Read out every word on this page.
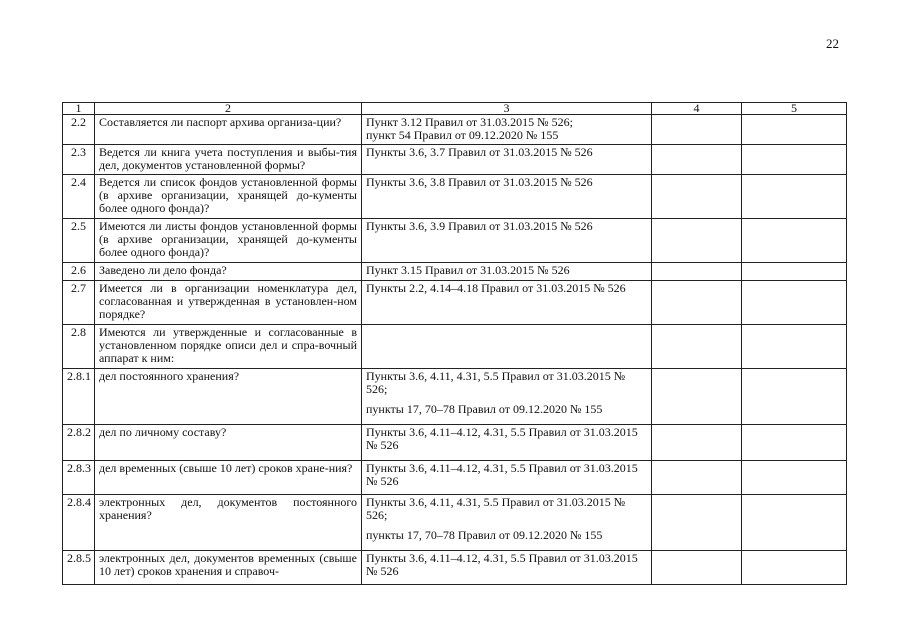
22
1	2	3	4	5
2.2	Составляется ли паспорт архива организа-ции?	Пункт 3.12 Правил от 31.03.2015 № 526;
пункт 54 Правил от 09.12.2020 № 155		

2.3	Ведется ли книга учета поступления и выбы-тия дел, документов установленной формы?	Пункты 3.6, 3.7 Правил от 31.03.2015 № 526		

2.4	Ведется ли список фондов установленной формы (в архиве организации, хранящей до-кументы более одного фонда)?	Пункты 3.6, 3.8 Правил от 31.03.2015 № 526		

2.5	Имеются ли листы фондов установленной формы (в архиве организации, хранящей до-кументы более одного фонда)?	Пункты 3.6, 3.9 Правил от 31.03.2015 № 526		

2.6	Заведено ли дело фонда?	Пункт 3.15 Правил от 31.03.2015 № 526		

2.7	Имеется ли в организации номенклатура дел, согласованная и утвержденная в установлен-ном порядке?	Пункты 2.2, 4.14–4.18 Правил от 31.03.2015 № 526		

2.8	Имеются ли утвержденные и согласованные в установленном порядке описи дел и спра-вочный аппарат к ним:			
2.8.1	дел постоянного хранения?	Пункты 3.6, 4.11, 4.31, 5.5 Правил от 31.03.2015 № 526;
пункты 17, 70–78 Правил от 09.12.2020 № 155		

2.8.2	дел по личному составу?	Пункты 3.6, 4.11–4.12, 4.31, 5.5 Правил от 31.03.2015 № 526		

2.8.3	дел временных (свыше 10 лет) сроков хране-ния?	Пункты 3.6, 4.11–4.12, 4.31, 5.5 Правил от 31.03.2015 № 526		

2.8.4	электронных дел, документов постоянного хранения?	Пункты 3.6, 4.11, 4.31, 5.5 Правил от 31.03.2015 № 526;
пункты 17, 70–78 Правил от 09.12.2020 № 155		

2.8.5	электронных дел, документов временных (свыше 10 лет) сроков хранения и справоч-	Пункты 3.6, 4.11–4.12, 4.31, 5.5 Правил от 31.03.2015 № 526		
